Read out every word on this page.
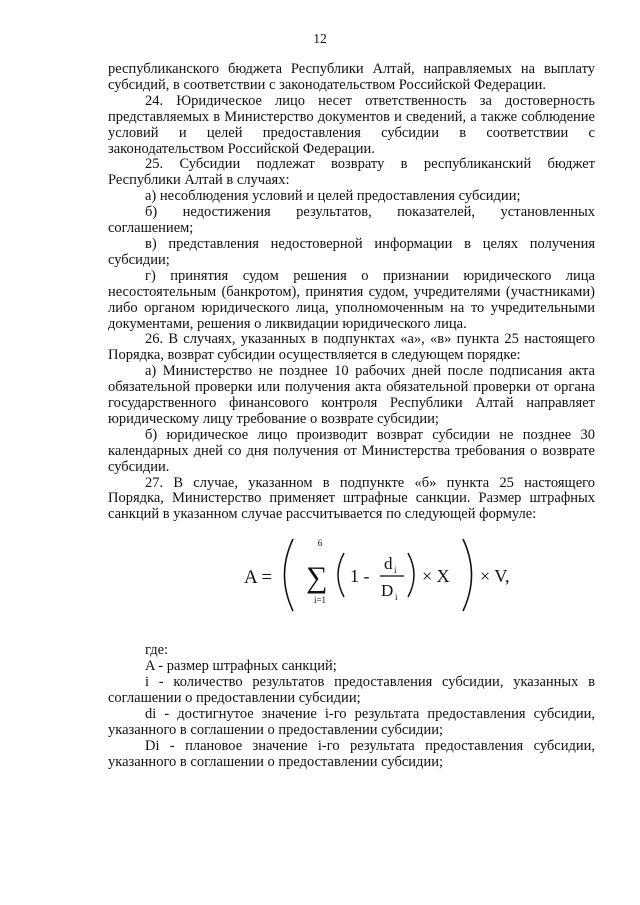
12

республиканского бюджета Республики Алтай, направляемых на выплату субсидий, в соответствии с законодательством Российской Федерации.

24. Юридическое лицо несет ответственность за достоверность представляемых в Министерство документов и сведений, а также соблюдение условий и целей предоставления субсидии в соответствии с законодательством Российской Федерации.

25. Субсидии подлежат возврату в республиканский бюджет Республики Алтай в случаях:

а) несоблюдения условий и целей предоставления субсидии;

б) недостижения результатов, показателей, установленных соглашением;

в) представления недостоверной информации в целях получения субсидии;

г) принятия судом решения о признании юридического лица несостоятельным (банкротом), принятия судом, учредителями (участниками) либо органом юридического лица, уполномоченным на то учредительными документами, решения о ликвидации юридического лица.

26. В случаях, указанных в подпунктах «а», «в» пункта 25 настоящего Порядка, возврат субсидии осуществляется в следующем порядке:

а) Министерство не позднее 10 рабочих дней после подписания акта обязательной проверки или получения акта обязательной проверки от органа государственного финансового контроля Республики Алтай направляет юридическому лицу требование о возврате субсидии;

б) юридическое лицо производит возврат субсидии не позднее 30 календарных дней со дня получения от Министерства требования о возврате субсидии.

27. В случае, указанном в подпункте «б» пункта 25 настоящего Порядка, Министерство применяет штрафные санкции. Размер штрафных санкций в указанном случае рассчитывается по следующей формуле:

A =
6
∑
i=1
1 -
d i
D i
× X × V,

где:

A - размер штрафных санкций;

i - количество результатов предоставления субсидии, указанных в соглашении о предоставлении субсидии;

di - достигнутое значение i-го результата предоставления субсидии, указанного в соглашении о предоставлении субсидии;

Di - плановое значение i-го результата предоставления субсидии, указанного в соглашении о предоставлении субсидии;
